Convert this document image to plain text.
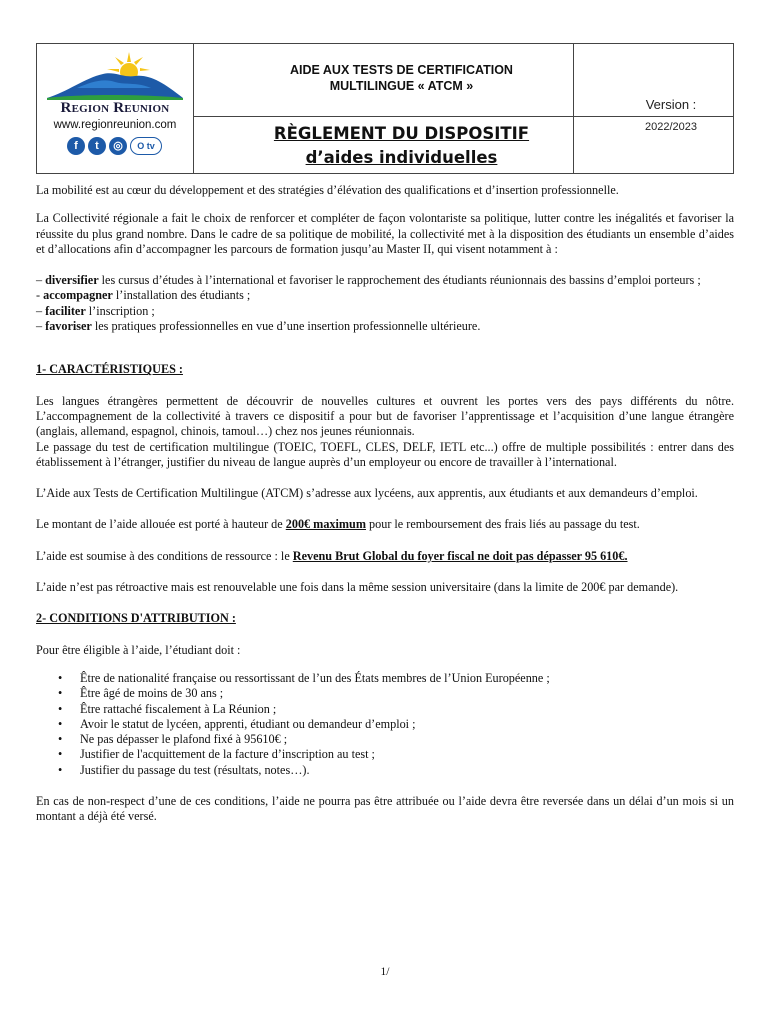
Region Reunion
www.regionreunion.com
f	t	◎	O tv
AIDE AUX TESTS DE CERTIFICATION
MULTILINGUE « ATCM »
RÈGLEMENT DU DISPOSITIF
d’aides individuelles
Version :
2022/2023

La mobilité est au cœur du développement et des stratégies d’élévation des qualifications et d’insertion professionnelle.

La Collectivité régionale a fait le choix de renforcer et compléter de façon volontariste sa politique, lutter contre les inégalités et favoriser la réussite du plus grand nombre. Dans le cadre de sa politique de mobilité, la collectivité met à la disposition des étudiants un ensemble d’aides et d’allocations afin d’accompagner les parcours de formation jusqu’au Master II, qui visent notamment à :

– diversifier les cursus d’études à l’international et favoriser le rapprochement des étudiants réunionnais des bassins d’emploi porteurs ;

- accompagner l’installation des étudiants ;

– faciliter l’inscription ;

– favoriser les pratiques professionnelles en vue d’une insertion professionnelle ultérieure.

1- CARACTÉRISTIQUES :

Les langues étrangères permettent de découvrir de nouvelles cultures et ouvrent les portes vers des pays différents du nôtre. L’accompagnement de la collectivité à travers ce dispositif a pour but de favoriser l’apprentissage et l’acquisition d’une langue étrangère (anglais, allemand, espagnol, chinois, tamoul…) chez nos jeunes réunionnais.

Le passage du test de certification multilingue (TOEIC, TOEFL, CLES, DELF, IETL etc...) offre de multiple possibilités : entrer dans des établissement à l’étranger, justifier du niveau de langue auprès d’un employeur ou encore de travailler à l’international.

L’Aide aux Tests de Certification Multilingue (ATCM) s’adresse aux lycéens, aux apprentis, aux étudiants et aux demandeurs d’emploi.

Le montant de l’aide allouée est porté à hauteur de 200€ maximum pour le remboursement des frais liés au passage du test.

L’aide est soumise à des conditions de ressource : le Revenu Brut Global du foyer fiscal ne doit pas dépasser 95 610€.

L’aide n’est pas rétroactive mais est renouvelable une fois dans la même session universitaire (dans la limite de 200€ par demande).

2- CONDITIONS D'ATTRIBUTION :

Pour être éligible à l’aide, l’étudiant doit :

• Être de nationalité française ou ressortissant de l’un des États membres de l’Union Européenne ;
• Être âgé de moins de 30 ans ;
• Être rattaché fiscalement à La Réunion ;
• Avoir le statut de lycéen, apprenti, étudiant ou demandeur d’emploi ;
• Ne pas dépasser le plafond fixé à 95610€ ;
• Justifier de l'acquittement de la facture d’inscription au test ;
• Justifier du passage du test (résultats, notes…).

En cas de non-respect d’une de ces conditions, l’aide ne pourra pas être attribuée ou l’aide devra être reversée dans un délai d’un mois si un montant a déjà été versé.

1/
